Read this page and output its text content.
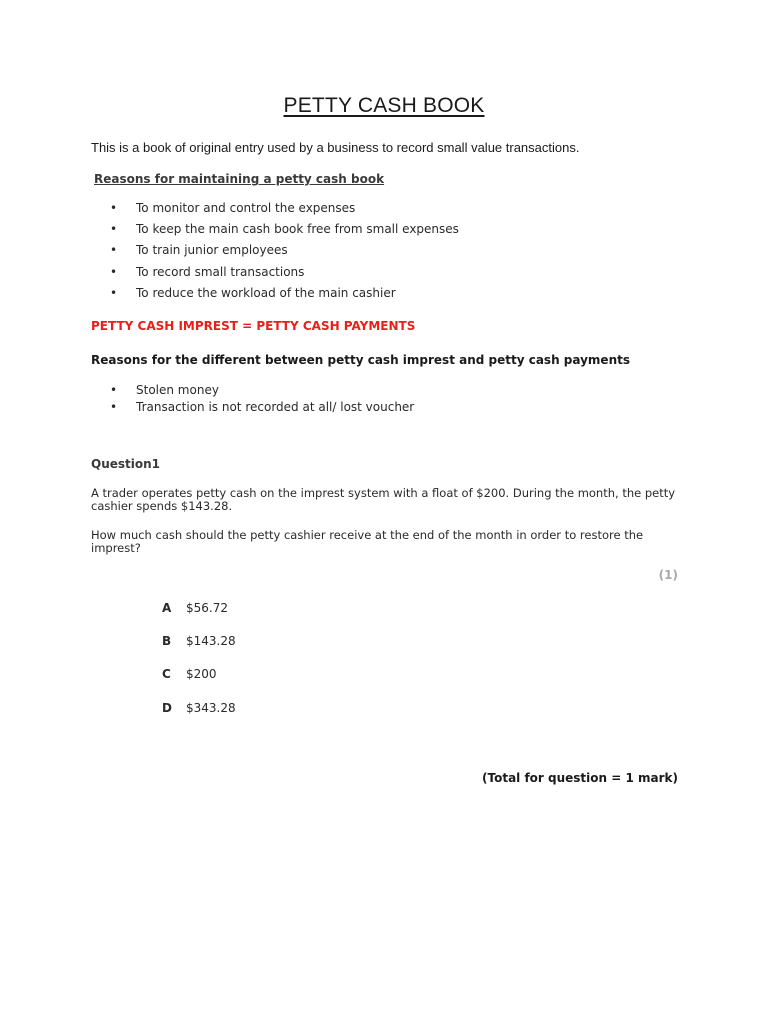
PETTY CASH BOOK
This is a book of original entry used by a business to record small value transactions.
Reasons for maintaining a petty cash book
• To monitor and control the expenses
• To keep the main cash book free from small expenses
• To train junior employees
• To record small transactions
• To reduce the workload of the main cashier
PETTY CASH IMPREST = PETTY CASH PAYMENTS
Reasons for the different between petty cash imprest and petty cash payments
• Stolen money
• Transaction is not recorded at all/ lost voucher
Question1
A trader operates petty cash on the imprest system with a float of $200. During the month, the petty cashier spends $143.28.
How much cash should the petty cashier receive at the end of the month in order to restore the imprest?
(1)
A $56.72
B $143.28
C $200
D $343.28
(Total for question = 1 mark)
